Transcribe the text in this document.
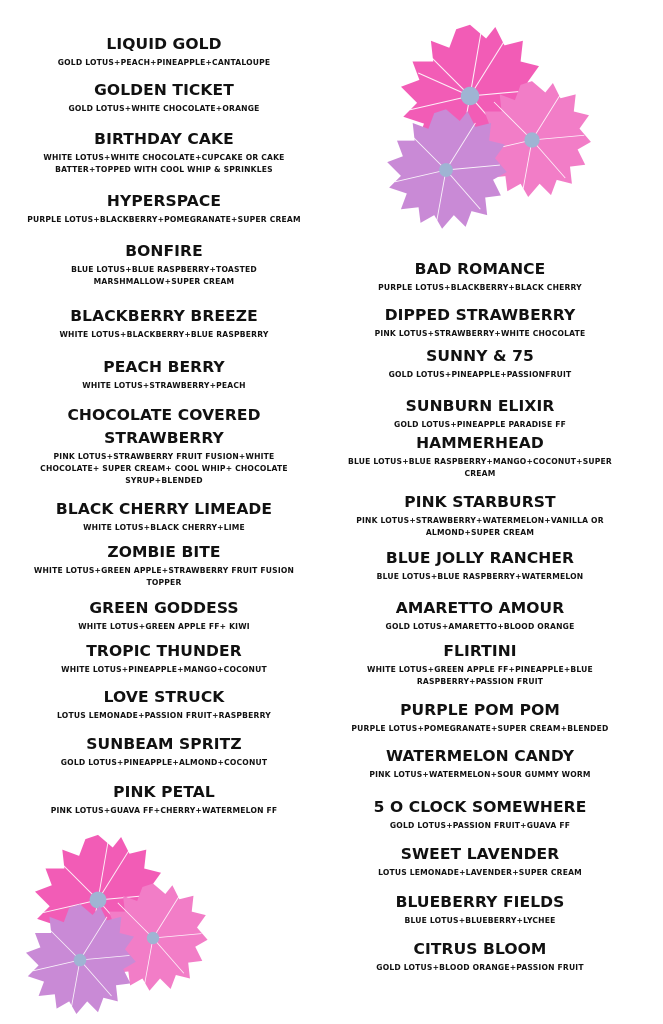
LIQUID GOLD
GOLD LOTUS+PEACH+PINEAPPLE+CANTALOUPE
GOLDEN TICKET
GOLD LOTUS+WHITE CHOCOLATE+ORANGE
BIRTHDAY CAKE
WHITE LOTUS+WHITE CHOCOLATE+CUPCAKE OR CAKE BATTER+TOPPED WITH COOL WHIP & SPRINKLES
HYPERSPACE
PURPLE LOTUS+BLACKBERRY+POMEGRANATE+SUPER CREAM
BONFIRE
BLUE LOTUS+BLUE RASPBERRY+TOASTED MARSHMALLOW+SUPER CREAM
BLACKBERRY BREEZE
WHITE LOTUS+BLACKBERRY+BLUE RASPBERRY
PEACH BERRY
WHITE LOTUS+STRAWBERRY+PEACH
CHOCOLATE COVERED STRAWBERRY
PINK LOTUS+STRAWBERRY FRUIT FUSION+WHITE CHOCOLATE+ SUPER CREAM+ COOL WHIP+ CHOCOLATE SYRUP+BLENDED
BLACK CHERRY LIMEADE
WHITE LOTUS+BLACK CHERRY+LIME
ZOMBIE BITE
WHITE LOTUS+GREEN APPLE+STRAWBERRY FRUIT FUSION TOPPER
GREEN GODDESS
WHITE LOTUS+GREEN APPLE FF+ KIWI
TROPIC THUNDER
WHITE LOTUS+PINEAPPLE+MANGO+COCONUT
LOVE STRUCK
LOTUS LEMONADE+PASSION FRUIT+RASPBERRY
SUNBEAM SPRITZ
GOLD LOTUS+PINEAPPLE+ALMOND+COCONUT
PINK PETAL
PINK LOTUS+GUAVA FF+CHERRY+WATERMELON FF
BAD ROMANCE
PURPLE LOTUS+BLACKBERRY+BLACK CHERRY
DIPPED STRAWBERRY
PINK LOTUS+STRAWBERRY+WHITE CHOCOLATE
SUNNY & 75
GOLD LOTUS+PINEAPPLE+PASSIONFRUIT
SUNBURN ELIXIR
GOLD LOTUS+PINEAPPLE PARADISE FF
HAMMERHEAD
BLUE LOTUS+BLUE RASPBERRY+MANGO+COCONUT+SUPER CREAM
PINK STARBURST
PINK LOTUS+STRAWBERRY+WATERMELON+VANILLA OR ALMOND+SUPER CREAM
BLUE JOLLY RANCHER
BLUE LOTUS+BLUE RASPBERRY+WATERMELON
AMARETTO AMOUR
GOLD LOTUS+AMARETTO+BLOOD ORANGE
FLIRTINI
WHITE LOTUS+GREEN APPLE FF+PINEAPPLE+BLUE RASPBERRY+PASSION FRUIT
PURPLE POM POM
PURPLE LOTUS+POMEGRANATE+SUPER CREAM+BLENDED
WATERMELON CANDY
PINK LOTUS+WATERMELON+SOUR GUMMY WORM
5 O CLOCK SOMEWHERE
GOLD LOTUS+PASSION FRUIT+GUAVA FF
SWEET LAVENDER
LOTUS LEMONADE+LAVENDER+SUPER CREAM
BLUEBERRY FIELDS
BLUE LOTUS+BLUEBERRY+LYCHEE
CITRUS BLOOM
GOLD LOTUS+BLOOD ORANGE+PASSION FRUIT
